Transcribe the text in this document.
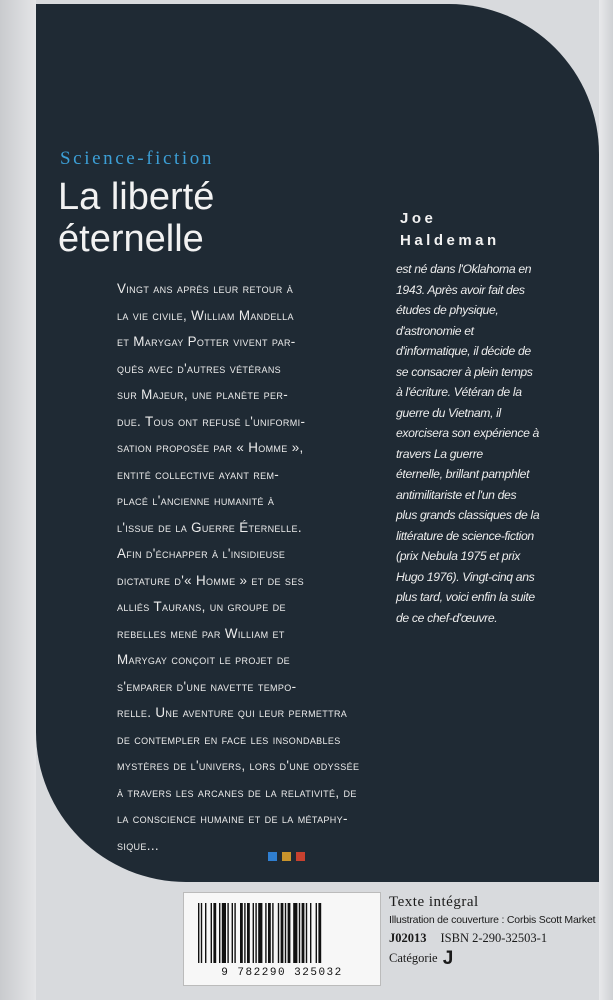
Science-fiction
La liberté
éternelle	Joe
Haldeman
est né dans l'Oklahoma en
1943. Après avoir fait des
études de physique,
d'astronomie et
d'informatique, il décide de
se consacrer à plein temps
à l'écriture. Vétéran de la
guerre du Vietnam, il
exorcisera son expérience à
travers La guerre
éternelle, brillant pamphlet
antimilitariste et l'un des
plus grands classiques de la
littérature de science-fiction
(prix Nebula 1975 et prix
Hugo 1976). Vingt-cinq ans
plus tard, voici enfin la suite
de ce chef-d'œuvre.
Vingt ans après leur retour à
la vie civile, William Mandella
et Marygay Potter vivent par-
qués avec d'autres vétérans
sur Majeur, une planète per-
due. Tous ont refusé l'uniformi-
sation proposée par « Homme »,
entité collective ayant rem-
placé l'ancienne humanité à
l'issue de la Guerre Éternelle.
Afin d'échapper à l'insidieuse
dictature d'« Homme » et de ses
alliés Taurans, un groupe de
rebelles mené par William et
Marygay conçoit le projet de
s'emparer d'une navette tempo-
relle. Une aventure qui leur permettra
de contempler en face les insondables
mystères de l'univers, lors d'une odyssée
à travers les arcanes de la relativité, de
la conscience humaine et de la métaphy-
sique...
9 782290 325032
Texte intégral
Illustration de couverture : Corbis Scott Market
J02013 ISBN 2-290-32503-1
Catégorie J
